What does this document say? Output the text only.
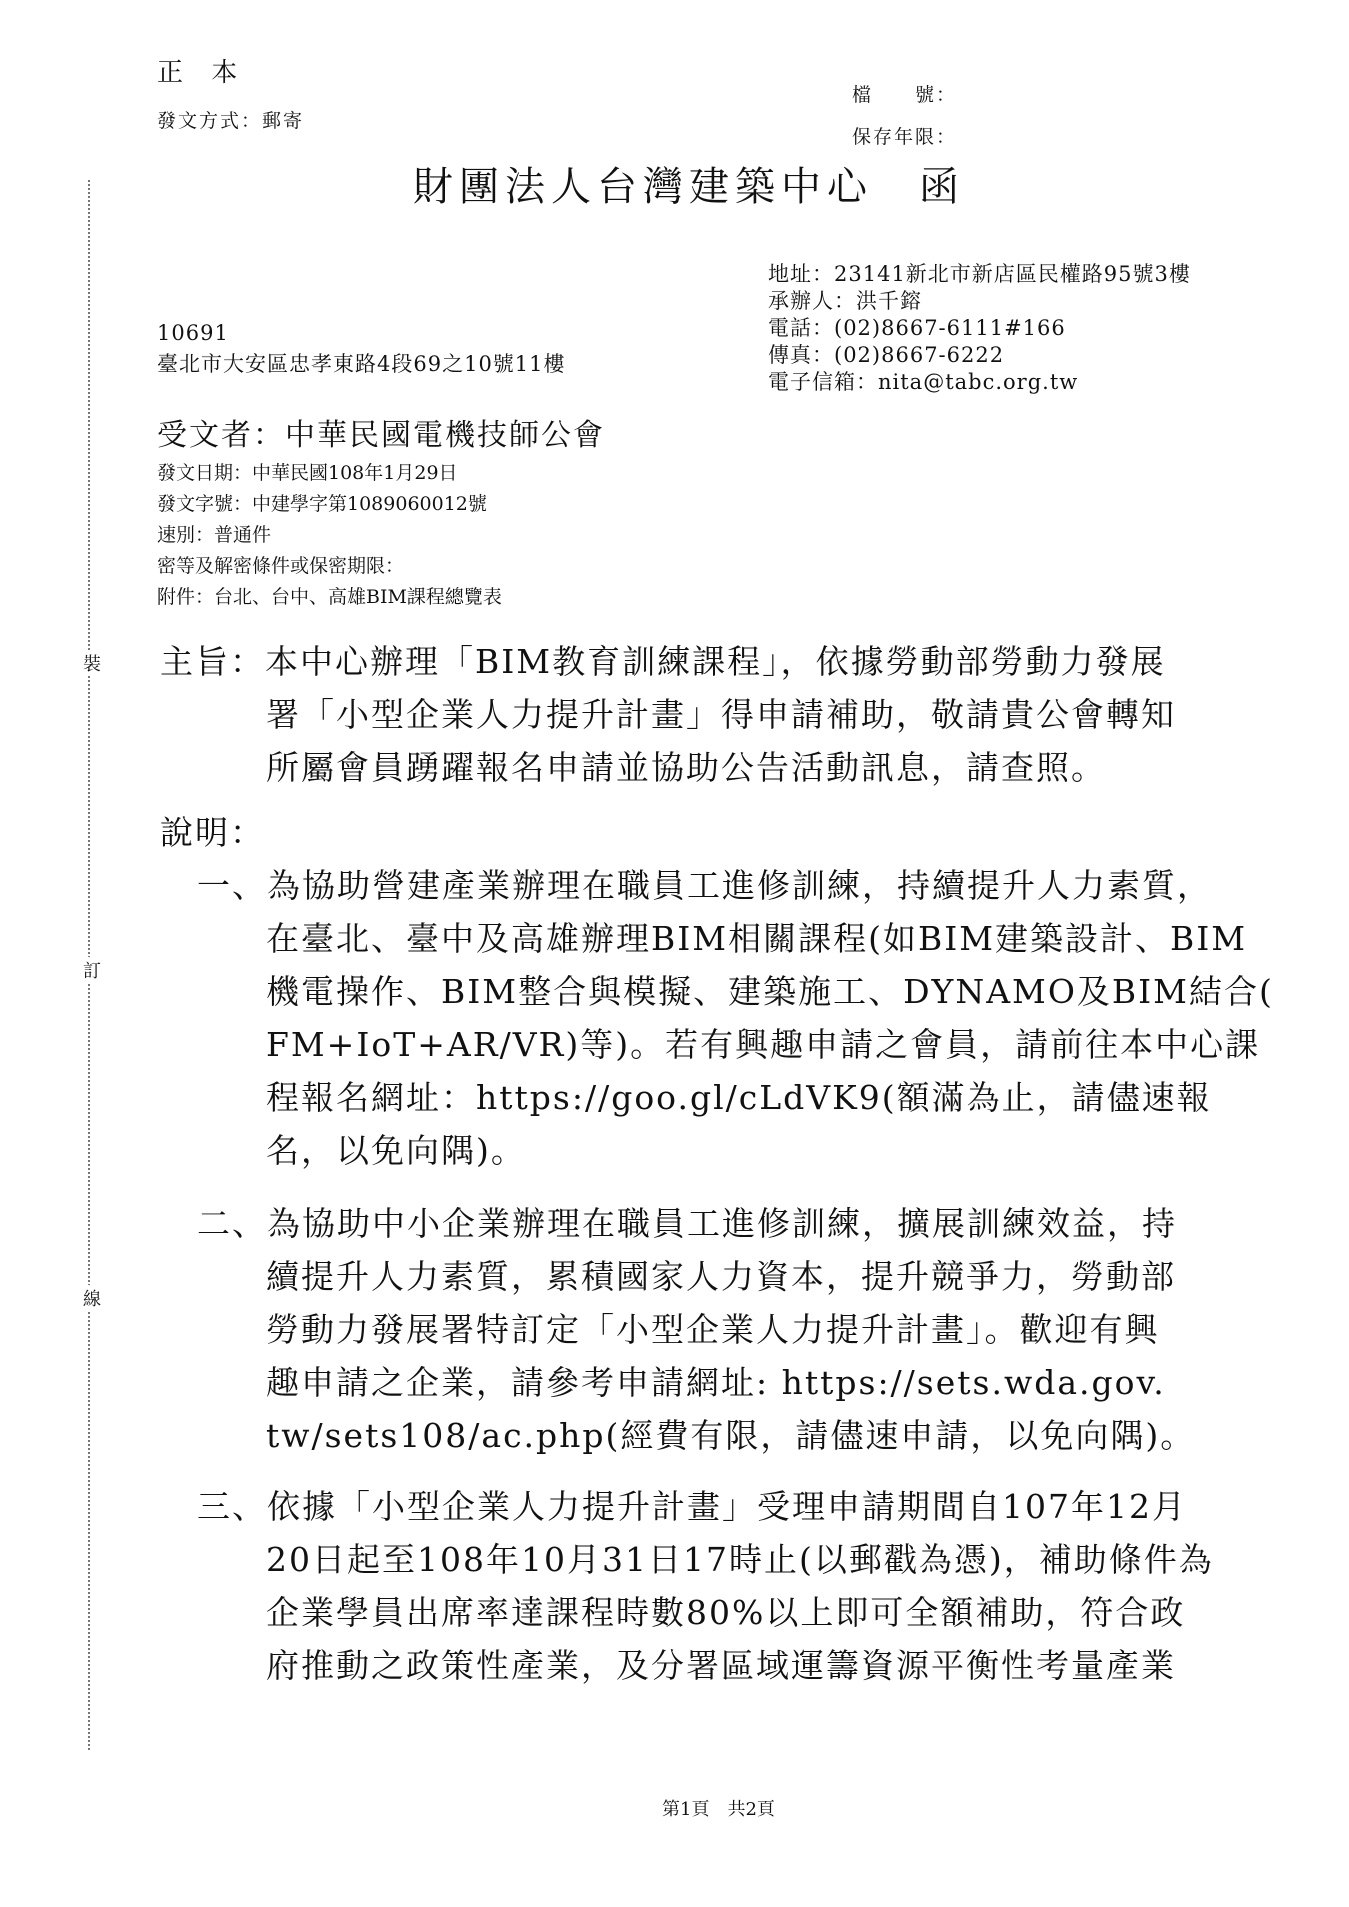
正 本
發文方式：郵寄
檔　　號：
保存年限：
財團法人台灣建築中心　函
地址：23141新北市新店區民權路95號3樓
承辦人：洪千鎔
電話：(02)8667-6111#166
傳真：(02)8667-6222
電子信箱：nita@tabc.org.tw
10691
臺北市大安區忠孝東路4段69之10號11樓
受文者：中華民國電機技師公會
發文日期：中華民國108年1月29日
發文字號：中建學字第1089060012號
速別：普通件
密等及解密條件或保密期限：
附件：台北、台中、高雄BIM課程總覽表
裝
訂
線
主旨：本中心辦理「BIM教育訓練課程」，依據勞動部勞動力發展
署「小型企業人力提升計畫」得申請補助，敬請貴公會轉知
所屬會員踴躍報名申請並協助公告活動訊息，請查照。
說明：
一、為協助營建產業辦理在職員工進修訓練，持續提升人力素質，
在臺北、臺中及高雄辦理BIM相關課程(如BIM建築設計、BIM
機電操作、BIM整合與模擬、建築施工、DYNAMO及BIM結合(
FM+IoT+AR/VR)等)。若有興趣申請之會員，請前往本中心課
程報名網址：https://goo.gl/cLdVK9(額滿為止，請儘速報
名，以免向隅)。
二、為協助中小企業辦理在職員工進修訓練，擴展訓練效益，持
續提升人力素質，累積國家人力資本，提升競爭力，勞動部
勞動力發展署特訂定「小型企業人力提升計畫」。歡迎有興
趣申請之企業，請參考申請網址: https://sets.wda.gov.
tw/sets108/ac.php(經費有限，請儘速申請，以免向隅)。
三、依據「小型企業人力提升計畫」受理申請期間自107年12月
20日起至108年10月31日17時止(以郵戳為憑)，補助條件為
企業學員出席率達課程時數80%以上即可全額補助，符合政
府推動之政策性產業，及分署區域運籌資源平衡性考量產業
第1頁　共2頁
